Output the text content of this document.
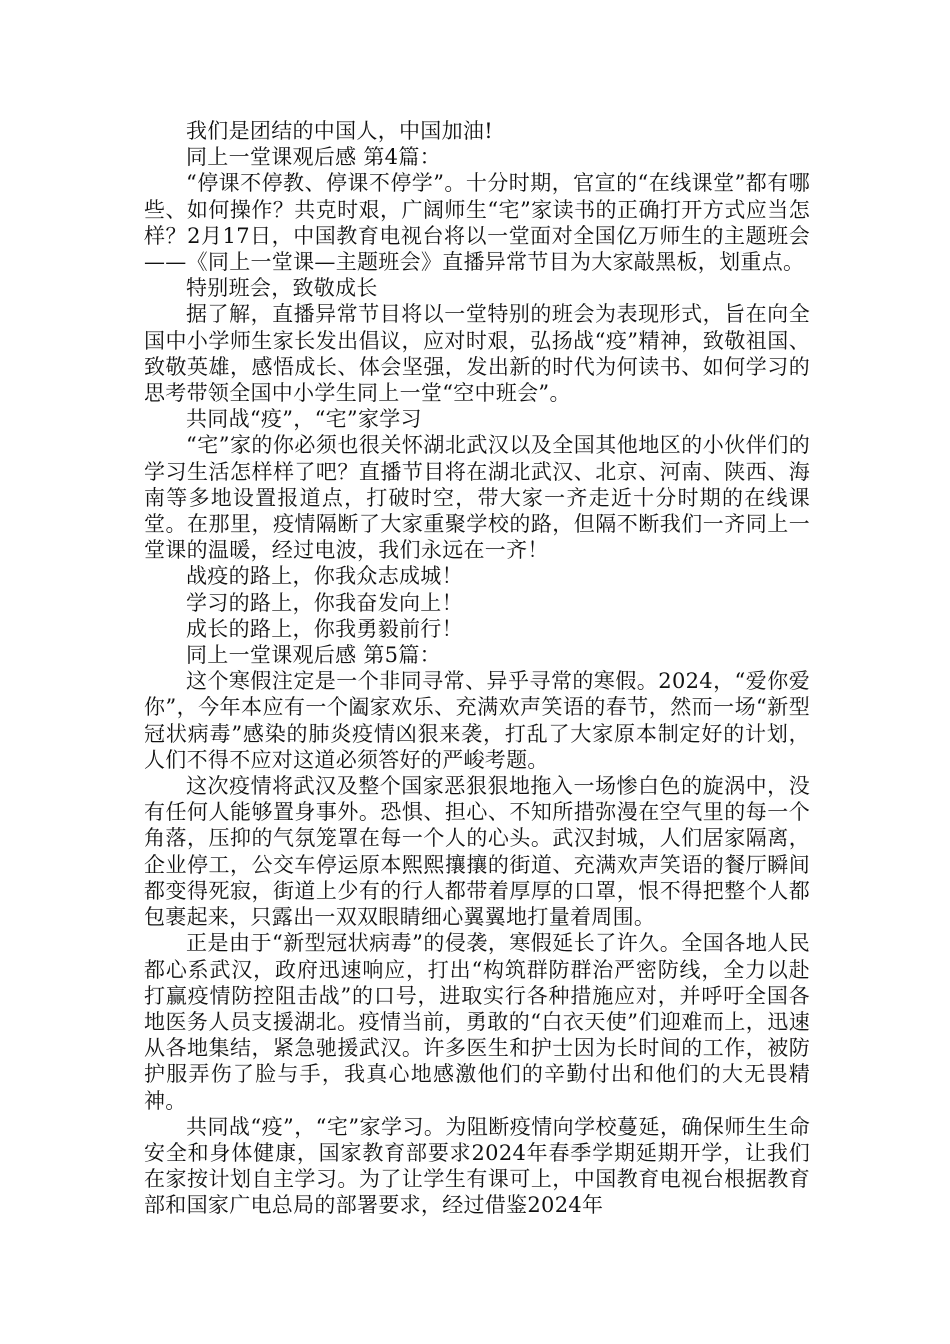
我们是团结的中国人，中国加油!

同上一堂课观后感 第4篇：

“停课不停教、停课不停学”。十分时期，官宣的“在线课堂”都有哪些、如何操作？共克时艰，广阔师生“宅”家读书的正确打开方式应当怎样？2月17日，中国教育电视台将以一堂面对全国亿万师生的主题班会——《同上一堂课—主题班会》直播异常节目为大家敲黑板，划重点。

特别班会，致敬成长

据了解，直播异常节目将以一堂特别的班会为表现形式，旨在向全国中小学师生家长发出倡议，应对时艰，弘扬战“疫”精神，致敬祖国、致敬英雄，感悟成长、体会坚强，发出新的时代为何读书、如何学习的思考带领全国中小学生同上一堂“空中班会”。

共同战“疫”，“宅”家学习

“宅”家的你必须也很关怀湖北武汉以及全国其他地区的小伙伴们的学习生活怎样样了吧？直播节目将在湖北武汉、北京、河南、陕西、海南等多地设置报道点，打破时空，带大家一齐走近十分时期的在线课堂。在那里，疫情隔断了大家重聚学校的路，但隔不断我们一齐同上一堂课的温暖，经过电波，我们永远在一齐！

战疫的路上，你我众志成城！

学习的路上，你我奋发向上！

成长的路上，你我勇毅前行！

同上一堂课观后感 第5篇：

这个寒假注定是一个非同寻常、异乎寻常的寒假。2024，“爱你爱你”，今年本应有一个阖家欢乐、充满欢声笑语的春节，然而一场“新型冠状病毒”感染的肺炎疫情凶狠来袭，打乱了大家原本制定好的计划，人们不得不应对这道必须答好的严峻考题。

这次疫情将武汉及整个国家恶狠狠地拖入一场惨白色的旋涡中，没有任何人能够置身事外。恐惧、担心、不知所措弥漫在空气里的每一个角落，压抑的气氛笼罩在每一个人的心头。武汉封城，人们居家隔离，企业停工，公交车停运原本熙熙攘攘的街道、充满欢声笑语的餐厅瞬间都变得死寂，街道上少有的行人都带着厚厚的口罩，恨不得把整个人都包裹起来，只露出一双双眼睛细心翼翼地打量着周围。

正是由于“新型冠状病毒”的侵袭，寒假延长了许久。全国各地人民都心系武汉，政府迅速响应，打出“构筑群防群治严密防线，全力以赴打赢疫情防控阻击战”的口号，进取实行各种措施应对，并呼吁全国各地医务人员支援湖北。疫情当前，勇敢的“白衣天使”们迎难而上，迅速从各地集结，紧急驰援武汉。许多医生和护士因为长时间的工作，被防护服弄伤了脸与手，我真心地感激他们的辛勤付出和他们的大无畏精神。

共同战“疫”，“宅”家学习。为阻断疫情向学校蔓延，确保师生生命安全和身体健康，国家教育部要求2024年春季学期延期开学，让我们在家按计划自主学习。为了让学生有课可上，中国教育电视台根据教育部和国家广电总局的部署要求，经过借鉴2024年
